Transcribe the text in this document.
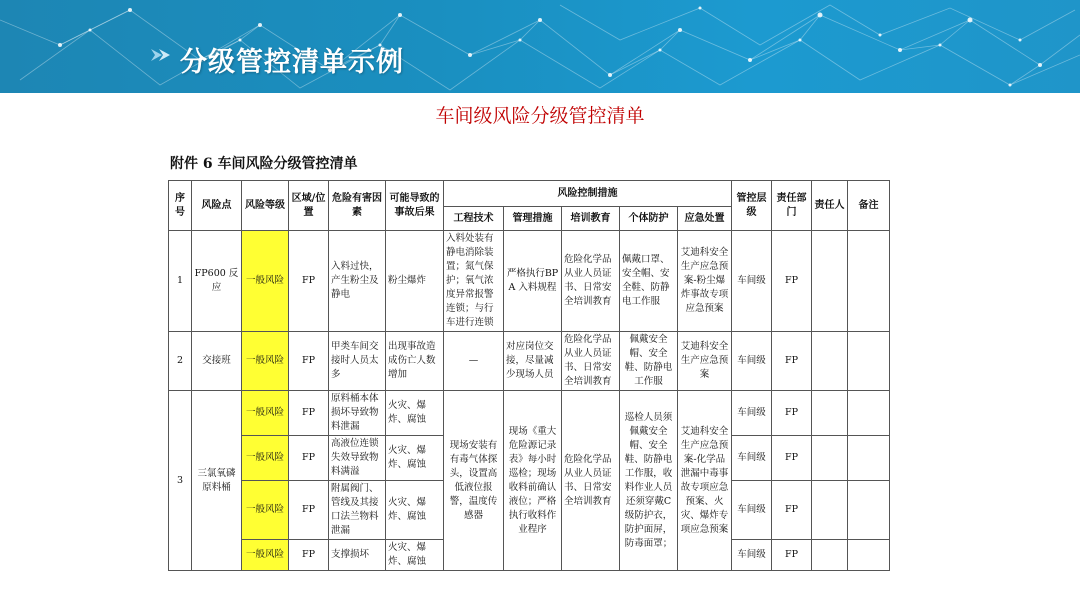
分级管控清单示例
车间级风险分级管控清单
附件 6 车间风险分级管控清单
序号	风险点	风险等级	区域/位置	危险有害因素	可能导致的事故后果	风险控制措施					管控层级	责任部门	责任人	备注
						工程技术	管理措施	培训教育	个体防护	应急处置				
1	FP600 反应	一般风险	FP	入料过快，产生粉尘及静电	粉尘爆炸	入料处装有静电消除装置；氮气保护；氧气浓度异常报警连锁；与行车进行连锁	严格执行BPA 入料规程	危险化学品从业人员证书、日常安全培训教育	佩戴口罩、安全帽、安全鞋、防静电工作服	艾迪科安全生产应急预案-粉尘爆炸事故专项应急预案	车间级	FP		
2	交接班	一般风险	FP	甲类车间交接时人员太多	出现事故造成伤亡人数增加	—	对应岗位交接，尽量减少现场人员	危险化学品从业人员证书、日常安全培训教育	佩戴安全帽、安全鞋、防静电工作服	艾迪科安全生产应急预案	车间级	FP		
3	三氯氧磷原料桶	一般风险	FP	原料桶本体损坏导致物料泄漏	火灾、爆炸、腐蚀	现场安装有有毒气体探头，设置高低液位报警，温度传感器	现场《重大危险源记录表》每小时巡检；现场收料前确认液位；严格执行收料作业程序	危险化学品从业人员证书、日常安全培训教育	巡检人员须佩戴安全帽、安全鞋、防静电工作服，收料作业人员还须穿戴C级防护衣，防护面屏，防毒面罩；	艾迪科安全生产应急预案-化学品泄漏中毒事故专项应急预案、火灾、爆炸专项应急预案	车间级	FP		
		一般风险	FP	高液位连锁失效导致物料满溢	火灾、爆炸、腐蚀						车间级	FP		
		一般风险	FP	附属阀门、管线及其接口法兰物料泄漏	火灾、爆炸、腐蚀						车间级	FP		
		一般风险	FP	支撑损坏	火灾、爆炸、腐蚀						车间级	FP		
